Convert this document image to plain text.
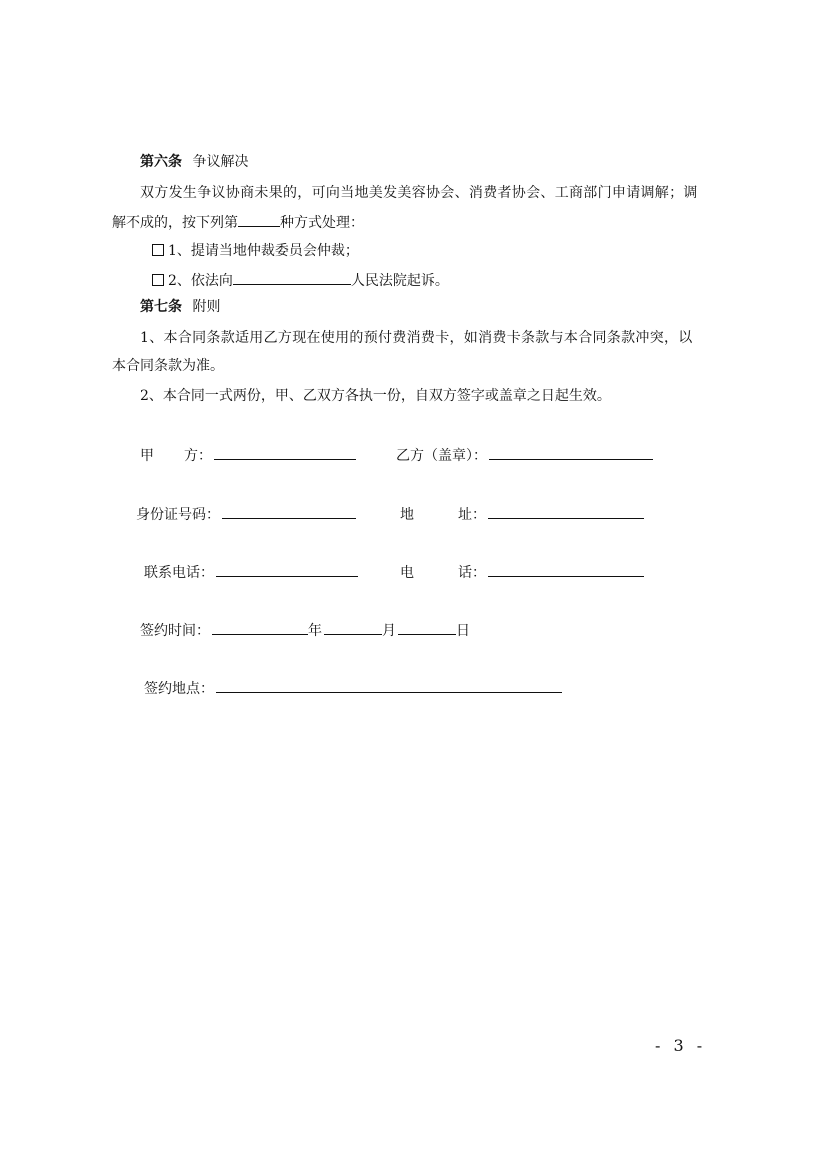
第六条 争议解决
双方发生争议协商未果的，可向当地美发美容协会、消费者协会、工商部门申请调解；调
解不成的，按下列第	种方式处理：
1、提请当地仲裁委员会仲裁；
2、依法向	人民法院起诉。
第七条 附则
1、本合同条款适用乙方现在使用的预付费消费卡，如消费卡条款与本合同条款冲突，以
本合同条款为准。
2、本合同一式两份，甲、乙双方各执一份，自双方签字或盖章之日起生效。
甲 方：	乙方（盖章）：
身份证号码：	地	址：
联系电话：	电	话：
签约时间：	年	月	日
签约地点：
- 3 -
